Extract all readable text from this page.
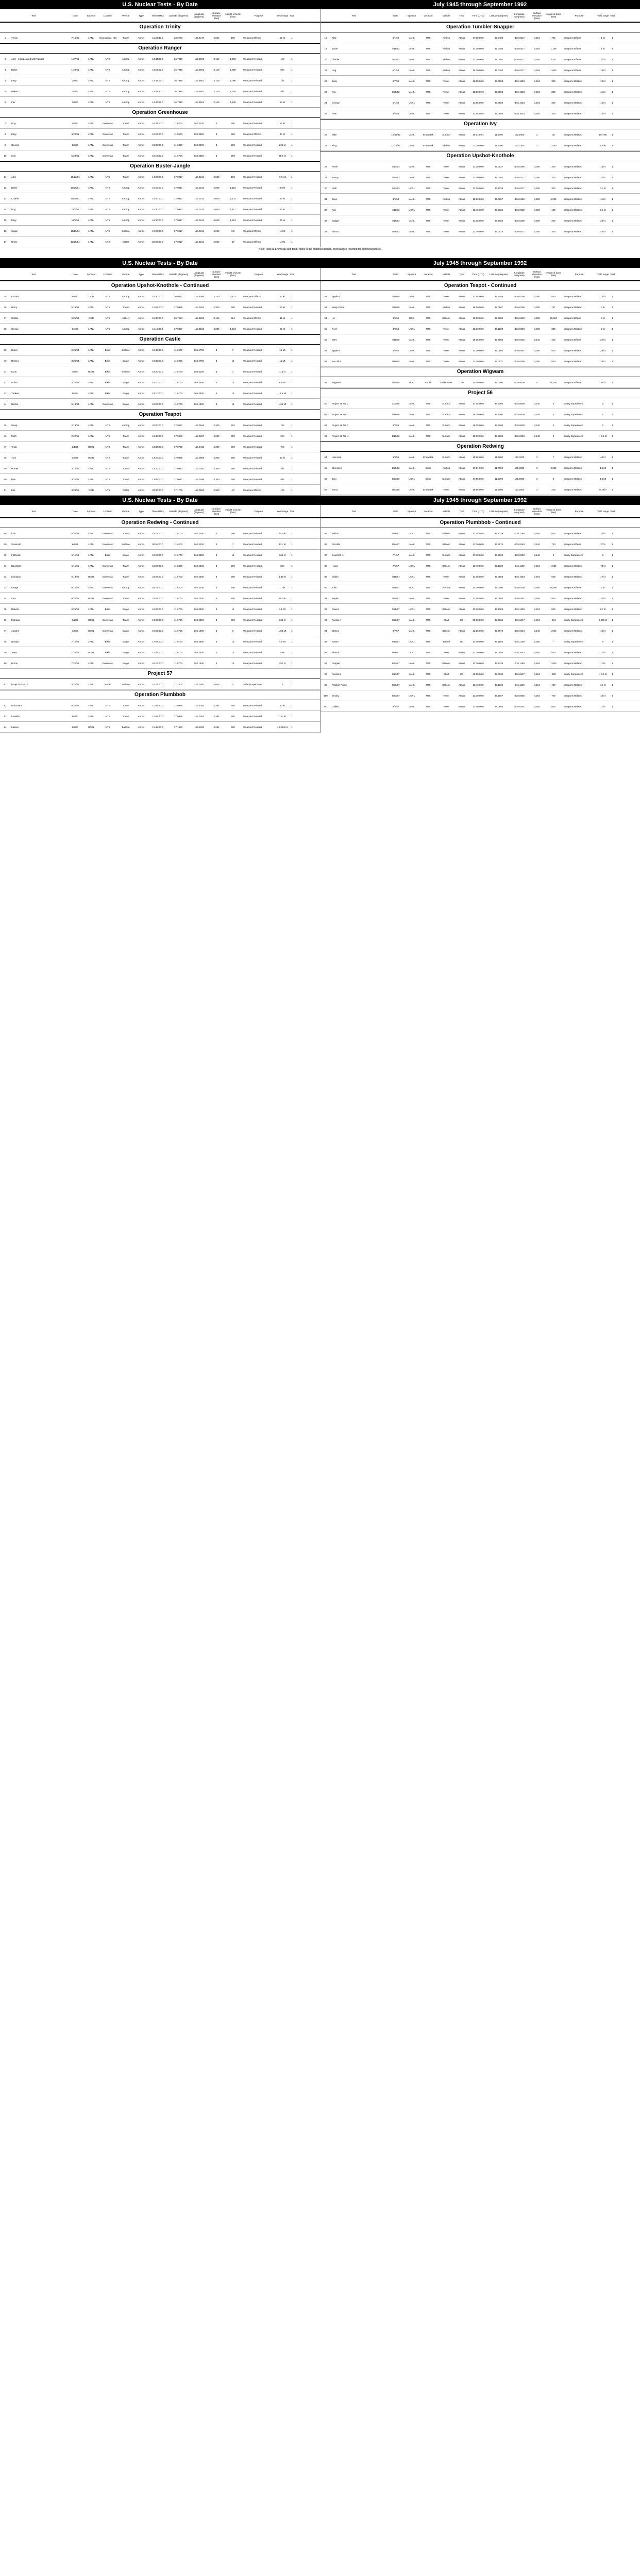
U.S. Nuclear Tests - By Date	July 1945 through September 1992
Test	Date	Sponsor	Location	Vehicle	Type	Time (UTC)	Latitude (degrees)	Longitude (degrees)
Surface elevation (feet)
Height of burst (feet)	Purpose	Yield range Total	Test	Date	Sponsor	Location	Vehicle	Type	Time (UTC)	Latitude (degrees)	Longitude (degrees)
Surface elevation (feet)
Height of burst (feet)	Purpose	Yield range Total
Operation Trinity
1	Trinity	7/16/45	LANL	Alamogordo, NM	Tower	Atmos	11:29:45.0	33.6753	-106.4747	4,624	100	Weapons Effects	21 kt	1
Operation Ranger
2	Able - incorporated with Ranger	1/27/51	LANL	NTS	Airdrop	Atmos	13:44:52.0	36.7948	-115.9501	3,140	1,060	Weapons Related	1 kt	1
3	Baker	1/28/51	LANL	NTS	Airdrop	Atmos	13:52:02.0	36.7948	-115.9501	3,140	1,080	Weapons Related	8 kt	1
4	Easy	2/1/51	LANL	NTS	Airdrop	Atmos	13:47:04.0	36.7948	-115.9501	3,140	1,080	Weapons Related	1 kt	1
5	Baker-2	2/2/51	LANL	NTS	Airdrop	Atmos	13:48:50.0	36.7948	-115.9501	3,140	1,100	Weapons Related	8 kt	1
6	Fox	2/6/51	LANL	NTS	Airdrop	Atmos	13:46:55.0	36.7948	-115.9501	3,140	1,435	Weapons Related	22 kt	1
Operation Greenhouse
7	Dog	4/7/51	LANL	Enewetak	Tower	Atmos	18:34:00.0	11.6200	162.3200	3	300	Weapons Related	81 kt	1
8	Easy	4/20/51	LANL	Enewetak	Tower	Atmos	18:26:00.0	11.5500	162.3500	3	300	Weapons Effects	47 kt	1
9	George	5/8/51	LANL	Enewetak	Tower	Atmos	21:30:00.0	11.6300	162.3000	3	200	Weapons Related	225 kt	1
10	Item	5/24/51	LANL	Enewetak	Tower	Atmos	18:17:00.0	11.6700	162.2300	3	200	Weapons Related	45.5 kt	1
Operation Buster-Jangle
11	Able	10/22/51	LANL	NTS	Tower	Atmos	14:00:00.0	37.0917	-116.0214	4,050	100	Weapons Related	< 0.1 kt	1
12	Baker	10/28/51	LANL	NTS	Airdrop	Atmos	15:20:00.0	37.0917	-116.0214	4,050	1,118	Weapons Related	3.5 kt	1
13	Charlie	10/30/51	LANL	NTS	Airdrop	Atmos	15:00:00.0	37.0917	-116.0214	4,050	1,132	Weapons Related	14 kt	1
14	Dog	11/1/51	LANL	NTS	Airdrop	Atmos	15:30:00.0	37.0917	-116.0214	4,050	1,417	Weapons Related	21 kt	1
15	Easy	11/5/51	LANL	NTS	Airdrop	Atmos	16:30:00.0	37.0917	-116.0214	4,050	1,314	Weapons Related	31 kt	1
16	Sugar	11/19/51	LANL	NTS	Surface	Atmos	19:00:00.0	37.0917	-116.0214	4,050	3.5	Weapons Effects	1.2 kt	1
17	Uncle	11/29/51	LANL	NTS	Crater	Atmos	20:00:00.0	37.0917	-116.0214	4,050	-17	Weapons Effects	1.2 kt	1
Operation Tumbler-Snapper
18	Able	4/1/52	LANL	NTS	Airdrop	Atmos	17:00:00.0	37.0483	-116.0317	4,264	793	Weapons Effects	1 kt	1
19	Baker	4/15/52	LANL	NTS	Airdrop	Atmos	17:30:00.0	37.0483	-116.0317	4,264	1,109	Weapons Effects	1 kt	1
20	Charlie	4/22/52	LANL	NTS	Airdrop	Atmos	17:30:00.0	37.0483	-116.0317	4,264	3,447	Weapons Effects	31 kt	1
21	Dog	5/1/52	LANL	NTS	Airdrop	Atmos	16:30:00.0	37.0483	-116.0317	4,264	1,040	Weapons Effects	19 kt	1
22	Easy	5/7/52	LANL	NTS	Tower	Atmos	12:15:00.0	37.0958	-116.1053	4,264	300	Weapons Related	12 kt	1
23	Fox	5/25/52	LANL	NTS	Tower	Atmos	12:00:00.0	37.0958	-116.1053	4,264	300	Weapons Related	11 kt	1
24	George	6/1/52	UCRL	NTS	Tower	Atmos	11:55:00.0	37.0958	-116.1053	4,264	300	Weapons Related	15 kt	1
25	How	6/5/52	LANL	NTS	Tower	Atmos	11:55:00.0	37.0958	-116.1053	4,264	300	Weapons Related	14 kt	1
Operation Ivy
26	Mike	10/31/52	LANL	Enewetak	Surface	Atmos	19:14:59.4	11.6700	162.1900	3	35	Weapons Related	10.4 Mt	1
27	King	11/15/52	LANL	Enewetak	Airdrop	Atmos	23:30:00.0	11.6300	162.2300	3	1,480	Weapons Related	500 kt	1
Operation Upshot-Knothole
28	Annie	3/17/53	LANL	NTS	Tower	Atmos	13:20:00.0	37.0527	-116.0296	4,300	300	Weapons Related	16 kt	1
29	Nancy	3/24/53	LANL	NTS	Tower	Atmos	13:10:00.0	37.0483	-116.0317	4,300	300	Weapons Related	24 kt	1
30	Ruth	3/31/53	UCRL	NTS	Tower	Atmos	13:00:00.0	37.1039	-116.0217	4,300	300	Weapons Related	0.2 kt	1
31	Dixie	4/6/53	LANL	NTS	Airdrop	Atmos	15:29:00.0	37.0867	-116.0156	4,300	6,020	Weapons Related	11 kt	1
32	Ray	4/11/53	UCRL	NTS	Tower	Atmos	12:45:00.0	37.0936	-116.0522	4,300	100	Weapons Related	0.2 kt	1
33	Badger	4/18/53	LANL	NTS	Tower	Atmos	12:35:00.0	37.1056	-116.0206	4,300	300	Weapons Related	23 kt	1
34	Simon	4/25/53	LANL	NTS	Tower	Atmos	12:30:00.0	37.0575	-116.0417	4,300	300	Weapons Related	43 kt	1
Note: Tests at Enewetak and Bikini Atolls in the Marshall Islands. Yield ranges reported for announced tests.
U.S. Nuclear Tests - By Date	July 1945 through September 1992
Test	Date	Sponsor	Location	Vehicle	Type	Time (UTC)	Latitude (degrees)	Longitude (degrees)
Surface elevation (feet)
Height of burst (feet)	Purpose	Yield range Total	Test	Date	Sponsor	Location	Vehicle	Type	Time (UTC)	Latitude (degrees)	Longitude (degrees)
Surface elevation (feet)
Height of burst (feet)	Purpose	Yield range Total
Operation Upshot-Knothole - Continued
35	Encore	5/8/53	DOD	NTS	Airdrop	Atmos	15:30:00.0	36.8017	-115.9356	3,140	2,423	Weapons Effects	27 kt	1
36	Harry	5/19/53	LANL	NTS	Tower	Atmos	12:05:00.0	37.0936	-116.0253	4,300	300	Weapons Related	32 kt	1
37	Grable	5/25/53	DOD	NTS	Artillery	Atmos	15:30:00.0	36.7983	-115.9225	3,140	524	Weapons Effects	15 kt	1
38	Climax	6/4/53	LANL	NTS	Airdrop	Atmos	11:15:00.0	37.0867	-116.0156	4,300	1,334	Weapons Related	61 kt	1
Operation Castle
39	Bravo	2/28/54	LANL	Bikini	Surface	Atmos	18:45:00.0	11.6900	165.2700	3	7	Weapons Related	15 Mt	1
40	Romeo	3/26/54	LANL	Bikini	Barge	Atmos	18:30:00.0	11.6900	165.2700	3	14	Weapons Related	11 Mt	1
41	Koon	4/6/54	UCRL	Bikini	Surface	Atmos	18:20:00.0	11.6700	165.5100	3	7	Weapons Related	110 kt	1
42	Union	4/25/54	LANL	Bikini	Barge	Atmos	18:10:00.0	11.6700	165.3800	3	14	Weapons Related	6.9 Mt	1
43	Yankee	5/4/54	LANL	Bikini	Barge	Atmos	18:10:00.0	11.6700	165.3800	3	14	Weapons Related	13.5 Mt	1
44	Nectar	5/13/54	LANL	Enewetak	Barge	Atmos	18:20:00.0	11.6700	162.1900	3	14	Weapons Related	1.69 Mt	1
Operation Teapot
45	Wasp	2/18/55	LANL	NTS	Airdrop	Atmos	20:00:00.0	37.0867	-116.0156	4,300	762	Weapons Related	1 kt	1
46	Moth	2/22/55	LANL	NTS	Tower	Atmos	13:45:00.0	37.0983	-116.0297	4,300	300	Weapons Related	2 kt	1
47	Tesla	3/1/55	UCRL	NTS	Tower	Atmos	13:30:00.0	37.0725	-116.0419	4,300	300	Weapons Related	7 kt	1
48	Turk	3/7/55	UCRL	NTS	Tower	Atmos	13:20:00.0	37.0839	-116.0508	4,300	500	Weapons Related	43 kt	1
49	Hornet	3/12/55	LANL	NTS	Tower	Atmos	13:20:00.0	37.0983	-116.0297	4,300	300	Weapons Related	4 kt	1
50	Bee	3/22/55	LANL	NTS	Tower	Atmos	13:05:00.0	37.0527	-116.0296	4,300	500	Weapons Related	8 kt	1
51	Ess	3/23/55	DOD	NTS	Crater	Atmos	20:30:00.0	37.1700	-116.0500	4,300	-67	Weapons Effects	1 kt	1
Operation Teapot - Continued
52	Apple-1	3/29/55	LANL	NTS	Tower	Atmos	12:55:00.0	37.1056	-116.0206	4,300	500	Weapons Related	14 kt	1
53	Wasp Prime	3/29/55	LANL	NTS	Airdrop	Atmos	18:00:00.0	37.0867	-116.0156	4,300	737	Weapons Related	3 kt	1
54	HA	4/6/55	DOD	NTS	Balloon	Atmos	18:00:00.0	37.0200	-116.0600	4,300	36,620	Weapons Effects	3 kt	1
55	Post	4/9/55	UCRL	NTS	Tower	Atmos	12:30:00.0	37.1200	-116.0500	4,300	300	Weapons Related	2 kt	1
56	MET	4/15/55	LANL	NTS	Tower	Atmos	19:15:00.0	36.7983	-115.9225	3,140	400	Weapons Effects	22 kt	1
57	Apple-2	5/5/55	LANL	NTS	Tower	Atmos	12:10:00.0	37.0983	-116.0297	4,300	500	Weapons Related	29 kt	1
58	Zucchini	5/15/55	LANL	NTS	Tower	Atmos	12:00:00.0	37.0527	-116.0296	4,300	500	Weapons Related	28 kt	1
Operation Wigwam
59	Wigwam	5/14/55	DOD	Pacific	Underwater	UW	20:00:00.0	29.0000	-126.0000	0	-2,000	Weapons Effects	30 kt	1
Project 56
60	Project 56 No. 1	11/1/55	LANL	NTS	Surface	Atmos	17:15:00.0	36.8000	-115.9500	3,140	0	Safety Experiment	0	1
61	Project 56 No. 2	1/18/56	LANL	NTS	Surface	Atmos	18:30:00.0	36.8000	-115.9500	3,140	0	Safety Experiment	0	1
62	Project 56 No. 3	2/2/56	LANL	NTS	Surface	Atmos	18:15:00.0	36.8000	-115.9500	3,140	0	Safety Experiment	0	1
63	Project 56 No. 4	1/18/56	LANL	NTS	Surface	Atmos	18:30:00.0	36.8000	-115.9500	3,140	0	Safety Experiment	< 0.1 kt	1
Operation Redwing
64	Lacrosse	5/4/56	LANL	Enewetak	Surface	Atmos	18:25:00.0	11.6200	162.3200	3	7	Weapons Related	40 kt	1
65	Cherokee	5/20/56	LANL	Bikini	Airdrop	Atmos	17:51:00.0	11.7000	165.3000	3	4,320	Weapons Related	3.8 Mt	1
66	Zuni	5/27/56	UCRL	Bikini	Surface	Atmos	17:56:00.0	11.6700	165.5000	3	9	Weapons Related	3.5 Mt	1
67	Yuma	5/27/56	LANL	Enewetak	Tower	Atmos	19:56:00.0	11.6800	162.2500	3	200	Weapons Related	0.19 kt	1
U.S. Nuclear Tests - By Date	July 1945 through September 1992
Test	Date	Sponsor	Location	Vehicle	Type	Time (UTC)	Latitude (degrees)	Longitude (degrees)
Surface elevation (feet)
Height of burst (feet)	Purpose	Yield range Total	Test	Date	Sponsor	Location	Vehicle	Type	Time (UTC)	Latitude (degrees)	Longitude (degrees)
Surface elevation (feet)
Height of burst (feet)	Purpose	Yield range Total
Operation Redwing - Continued
68	Erie	5/30/56	LANL	Enewetak	Tower	Atmos	18:15:00.0	11.6700	162.2300	3	300	Weapons Related	14.9 kt	1
69	Seminole	6/6/56	LANL	Enewetak	Surface	Atmos	00:55:00.0	11.6200	162.3200	3	7	Weapons Related	13.7 kt	1
70	Flathead	6/11/56	LANL	Bikini	Barge	Atmos	18:26:00.0	11.6700	165.3800	3	15	Weapons Related	365 kt	1
71	Blackfoot	6/11/56	LANL	Enewetak	Tower	Atmos	18:26:00.0	11.6800	162.2500	3	200	Weapons Related	8 kt	1
72	Kickapoo	6/13/56	UCRL	Enewetak	Tower	Atmos	23:26:00.0	11.6700	162.2300	3	300	Weapons Related	1.49 kt	1
73	Osage	6/16/56	LANL	Enewetak	Airdrop	Atmos	01:14:00.0	11.6200	162.3200	3	700	Weapons Related	1.7 kt	1
74	Inca	6/21/56	UCRL	Enewetak	Tower	Atmos	21:26:00.0	11.6700	162.2300	3	200	Weapons Related	15.2 kt	1
75	Dakota	6/25/56	LANL	Bikini	Barge	Atmos	18:06:00.0	11.6700	165.3800	3	15	Weapons Related	1.1 Mt	1
76	Mohawk	7/2/56	UCRL	Enewetak	Tower	Atmos	18:06:00.0	11.6700	162.2300	3	300	Weapons Related	360 kt	1
77	Apache	7/8/56	UCRL	Enewetak	Barge	Atmos	18:06:00.0	11.6700	162.1900	3	9	Weapons Related	1.85 Mt	1
78	Navajo	7/10/56	LANL	Bikini	Barge	Atmos	17:56:00.0	11.6700	165.3800	3	15	Weapons Related	4.5 Mt	1
79	Tewa	7/20/56	UCRL	Bikini	Barge	Atmos	17:46:00.0	11.6700	165.3800	3	15	Weapons Related	5 Mt	1
80	Huron	7/21/56	LANL	Enewetak	Barge	Atmos	18:16:00.0	11.6700	162.1900	3	15	Weapons Related	250 kt	1
Project 57
81	Project 57 No. 1	4/24/57	LANL	NAFR	Surface	Atmos	14:27:00.0	37.1000	-116.0000	4,500	0	Safety Experiment	0	1
Operation Plumbbob
82	Boltzmann	5/28/57	LANL	NTS	Tower	Atmos	11:55:00.0	37.0958	-116.1053	4,264	500	Weapons Related	12 kt	1
83	Franklin	6/2/57	LANL	NTS	Tower	Atmos	11:55:00.0	37.0936	-116.0253	4,264	300	Weapons Related	0.14 kt	1
84	Lassen	6/5/57	UCRL	NTS	Balloon	Atmos	11:45:00.0	37.1383	-116.1250	4,264	500	Weapons Related	< 0.001 kt	1
Operation Plumbbob - Continued
85	Wilson	6/18/57	UCRL	NTS	Balloon	Atmos	11:45:00.0	37.1339	-116.1169	4,264	500	Weapons Related	10 kt	1
86	Priscilla	6/24/57	LANL	NTS	Balloon	Atmos	13:30:00.0	36.7975	-115.9264	3,140	700	Weapons Effects	37 kt	1
87	Coulomb-A	7/1/57	LANL	NTS	Surface	Atmos	17:30:00.0	36.8000	-115.9500	3,140	0	Safety Experiment	0	1
88	Hood	7/5/57	UCRL	NTS	Balloon	Atmos	11:40:00.0	37.1339	-116.1169	4,264	1,500	Weapons Related	74 kt	1
89	Diablo	7/15/57	UCRL	NTS	Tower	Atmos	11:30:00.0	37.0958	-116.1053	4,264	500	Weapons Related	17 kt	1
90	John	7/19/57	DOD	NTS	Rocket	Atmos	14:00:00.0	37.0400	-116.0300	4,264	18,500	Weapons Effects	2 kt	1
91	Kepler	7/24/57	LANL	NTS	Tower	Atmos	11:50:00.0	37.0983	-116.0297	4,264	500	Weapons Related	10 kt	1
92	Owens	7/25/57	UCRL	NTS	Balloon	Atmos	13:30:00.0	37.1383	-116.1250	4,264	500	Weapons Related	9.7 kt	1
93	Pascal-A	7/26/57	LANL	NTS	Shaft	UG	08:00:00.0	37.0636	-116.0417	4,264	-484	Safety Experiment	0.055 kt	1
94	Stokes	8/7/57	LANL	NTS	Balloon	Atmos	12:25:00.0	36.7975	-115.9264	3,140	1,500	Weapons Related	19 kt	1
95	Saturn	8/10/57	UCRL	NTS	Tunnel	UG	14:00:00.0	37.1850	-116.2150	6,300	-	Safety Experiment	0	1
96	Shasta	8/18/57	UCRL	NTS	Tower	Atmos	12:00:00.0	37.0958	-116.1053	4,264	500	Weapons Related	17 kt	1
97	Doppler	8/23/57	LANL	NTS	Balloon	Atmos	12:30:00.0	37.1339	-116.1169	4,264	1,500	Weapons Related	11 kt	1
98	Pascal-B	8/27/57	LANL	NTS	Shaft	UG	22:35:00.0	37.0636	-116.0417	4,264	-500	Safety Experiment	< 0.3 kt	1
99	Franklin Prime	8/30/57	LANL	NTS	Balloon	Atmos	12:40:00.0	37.1339	-116.1169	4,264	750	Weapons Related	4.7 kt	1
100	Smoky	8/31/57	UCRL	NTS	Tower	Atmos	12:30:00.0	37.1867	-116.0650	4,264	700	Weapons Related	44 kt	1
101	Galileo	9/2/57	LANL	NTS	Tower	Atmos	12:40:00.0	37.0983	-116.0297	4,264	500	Weapons Related	11 kt	1
